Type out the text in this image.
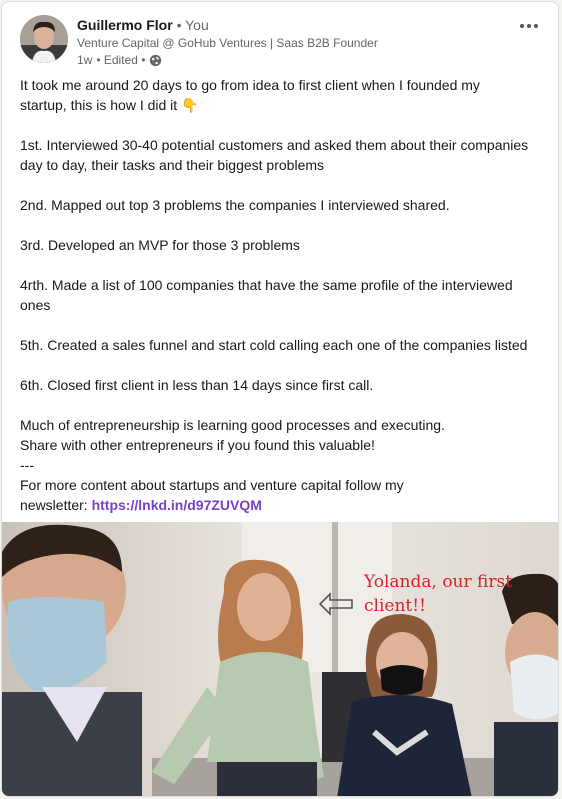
Guillermo Flor • You
Venture Capital @ GoHub Ventures | Saas B2B Founder
1w • Edited •

It took me around 20 days to go from idea to first client when I founded my

startup, this is how I did it 👇

1st. Interviewed 30-40 potential customers and asked them about their companies

day to day, their tasks and their biggest problems

2nd. Mapped out top 3 problems the companies I interviewed shared.

3rd. Developed an MVP for those 3 problems

4rth. Made a list of 100 companies that have the same profile of the interviewed

ones

5th. Created a sales funnel and start cold calling each one of the companies listed

6th. Closed first client in less than 14 days since first call.

Much of entrepreneurship is learning good processes and executing.

Share with other entrepreneurs if you found this valuable!

---

For more content about startups and venture capital follow my

newsletter: https://lnkd.in/d97ZUVQM

Yolanda, our first
client!!
